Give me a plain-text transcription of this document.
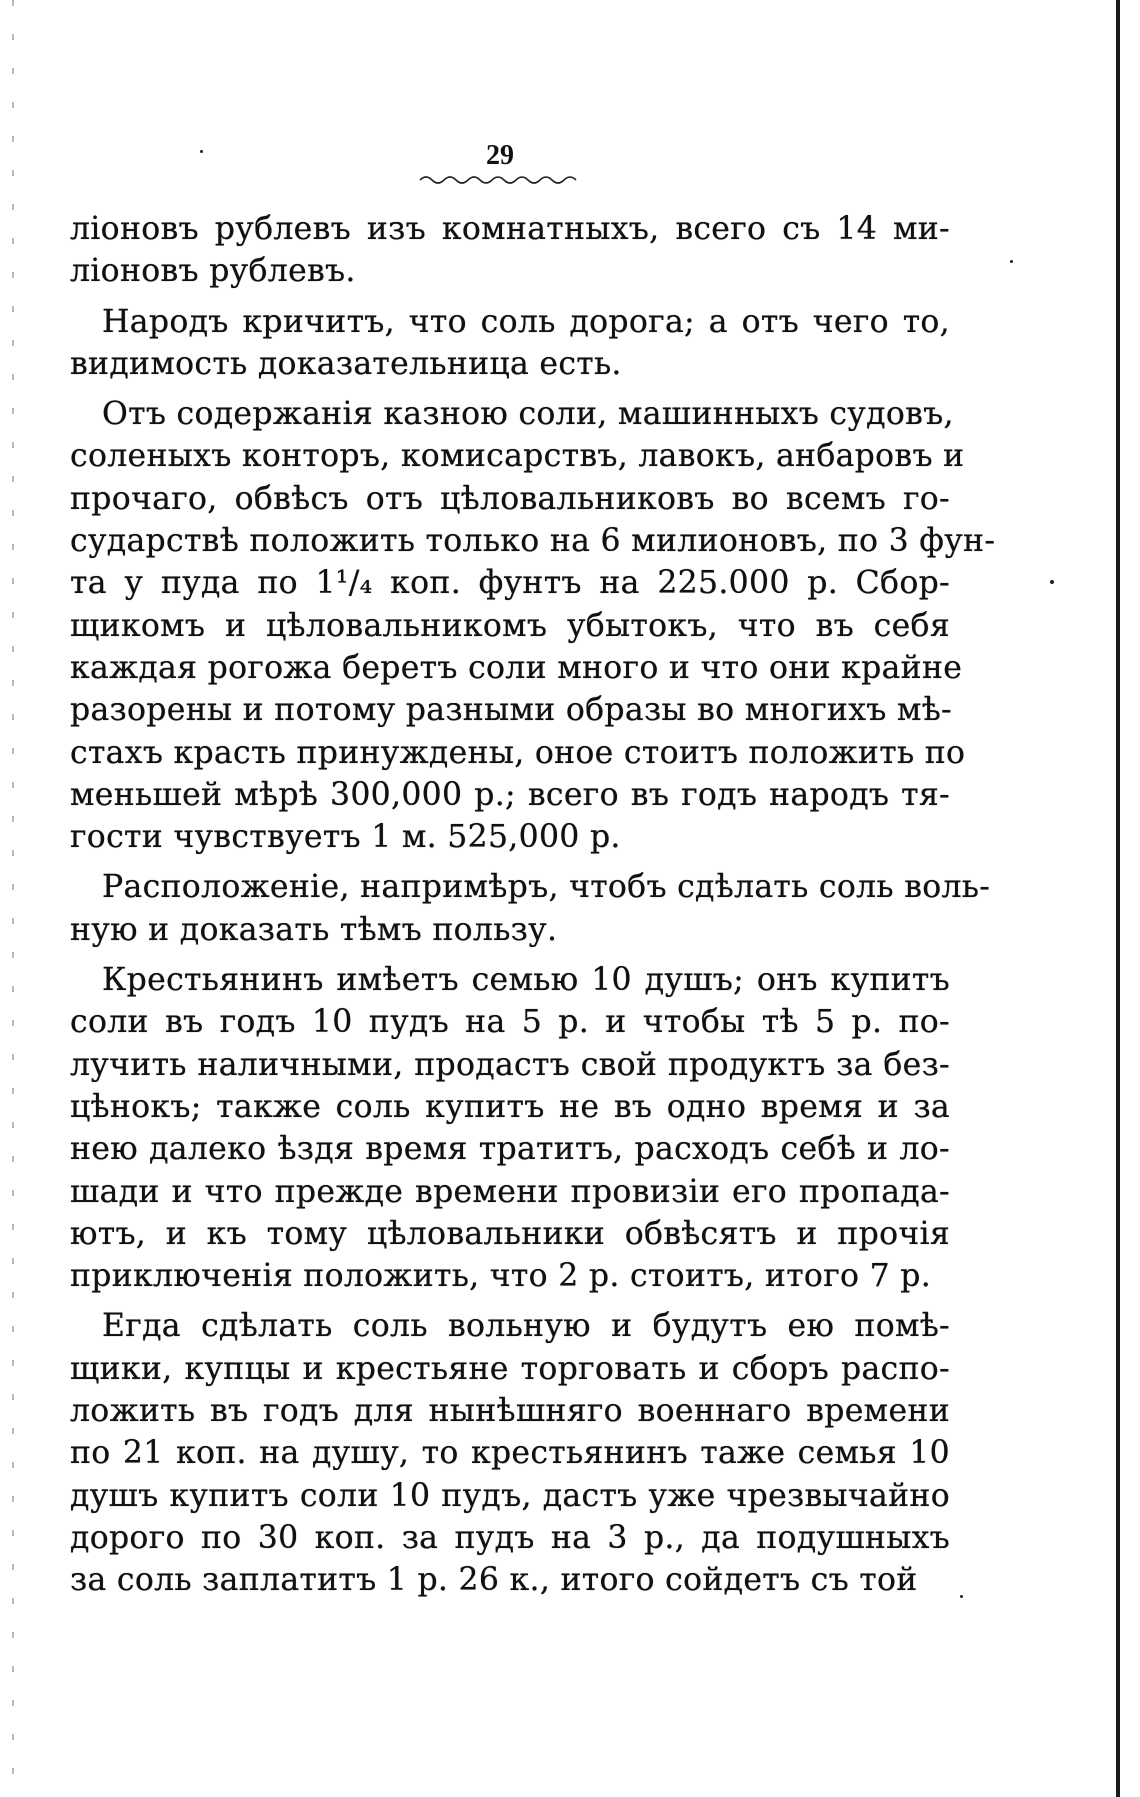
29
ліоновъ рублевъ изъ комнатныхъ, всего съ 14 ми-
ліоновъ рублевъ.
Народъ кричитъ, что соль дорога; а отъ чего то,
видимость доказательница есть.
Отъ содержанія казною соли, машинныхъ судовъ,
соленыхъ конторъ, комисарствъ, лавокъ, анбаровъ и
прочаго, обвѣсъ отъ цѣловальниковъ во всемъ го-
сударствѣ положить только на 6 милионовъ, по 3 фун-
та у пуда по 1¹/₄ коп. фунтъ на 225.000 р. Сбор-
щикомъ и цѣловальникомъ убытокъ, что въ себя
каждая рогожа беретъ соли много и что они крайне
разорены и потому разными образы во многихъ мѣ-
стахъ красть принуждены, оное стоитъ положить по
меньшей мѣрѣ 300,000 р.; всего въ годъ народъ тя-
гости чувствуетъ 1 м. 525,000 р.
Расположеніе, напримѣръ, чтобъ сдѣлать соль воль-
ную и доказать тѣмъ пользу.
Крестьянинъ имѣетъ семью 10 душъ; онъ купитъ
соли въ годъ 10 пудъ на 5 р. и чтобы тѣ 5 р. по-
лучить наличными, продастъ свой продуктъ за без-
цѣнокъ; также соль купитъ не въ одно время и за
нею далеко ѣздя время тратитъ, расходъ себѣ и ло-
шади и что прежде времени провизіи его пропада-
ютъ, и къ тому цѣловальники обвѣсятъ и прочія
приключенія положить, что 2 р. стоитъ, итого 7 р.
Егда сдѣлать соль вольную и будутъ ею помѣ-
щики, купцы и крестьяне торговать и сборъ распо-
ложить въ годъ для нынѣшняго военнаго времени
по 21 коп. на душу, то крестьянинъ таже семья 10
душъ купитъ соли 10 пудъ, дастъ уже чрезвычайно
дорого по 30 коп. за пудъ на 3 р., да подушныхъ
за соль заплатитъ 1 р. 26 к., итого сойдетъ съ той
